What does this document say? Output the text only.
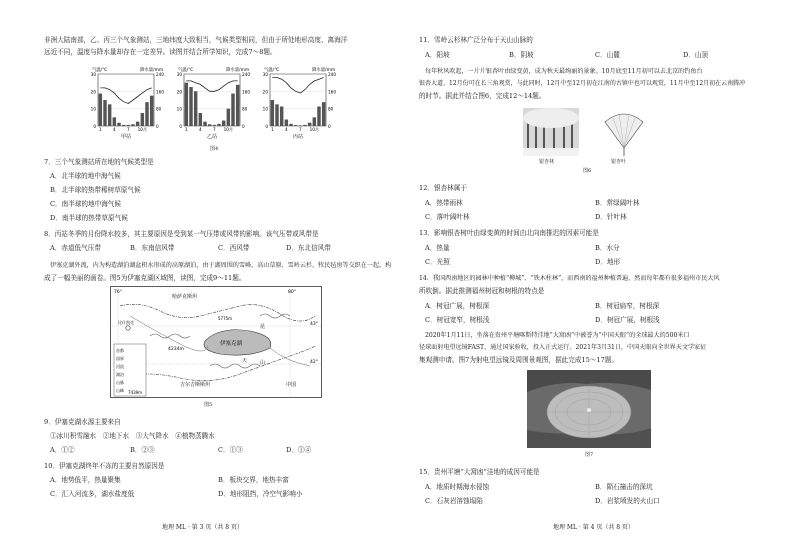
非洲大陆南部，乙、丙三个气象测站，三地纬度大致相当，气候类型相同，但由于所处地形高度、离海洋
远近不同，温度与降水量却存在一定差异。读图并结合所学知识，完成7～8题。
30
20
10
0
240
160
80
0
1	4	7 10月
气温/℃	降水量/mm
甲站
30
20
10
0
240
160
80
0
1	4	7 10月
气温/℃	降水量/mm
乙站
30
20
10
0
240
160
80
0
1	4	7 10月
气温/℃	降水量/mm
丙站
图4
7．三个气象测站所在地的气候类型是
A．北半球的地中海气候
B．北半球的热带稀树草原气候
C．南半球的地中海气候
D．南半球的热带草原气候
8．丙站冬季的月份降水较多，其主要原因是受到某一气压带或风带的影响。该气压带或风带是
A．赤道低气压带	B．东南信风带	C．西风带	D．东北信风带
伊塞克湖外流，内为构造湖泊湖盆积水形成的高原湖泊，由于湖周围的雪峰、高山草原、雪岭云杉、牧民毡房等交织在一起，构
成了一幅美丽的画卷。图5为伊塞克湖区域图，读图，完成9～11题。
哈萨克斯坦
伊塞克湖
昆
山
吉尔吉斯斯坦	中国
天
4234m
5775m
比什凯克
首都
国界
河流
湖泊
山脉
山峰 7439m
76°	80°
43°
42°
图5
9．伊塞克湖水源主要来自
①冰川积雪融水　②地下水　③大气降水　④植物蒸腾水
A．①②	B．②③	C．①③	D．①④
10．伊塞克湖终年不冻的主要自然原因是
A．地势低平，热量聚集	B．板块交界，地热丰富
C．汇入河流多，湖水盐度低	D．地形阻挡，冷空气影响小
地理 ML · 第 3 页（共 8 页）
11．雪岭云杉林广泛分布于天山山脉的
A．阳坡	B．阴坡	C．山麓	D．山顶
每年秋风吹起，一片片银杏叶由绿变黄，成为秋天最绚丽的景象。10月底至11月初可以去北京的钓鱼台
银杏大道、12月份可在长三角观赏，与此同时，12月中至12月初在江南的古镇中也可以观赏，11月中至12月初在云南腾冲
的时节。据此并结合图6，完成12～14题。
银杏林	银杏叶
图6
12．银杏林属于
A．热带雨林	B．常绿阔叶林
C．落叶阔叶林	D．针叶林
13．影响银杏树叶由绿变黄的时间由北向南推迟的因素可能是
A．热量	B．水分
C．光照	D．地形
14．我国西南地区的园林中种植“柳城”、“铁木柱林”，而西南的福州种植普遍，然而每年都有很多福州市民大风
所吹倒。据此推测福州树冠和树根的特点是
A．树冠广展，树根深	B．树冠扁窄，树根深
C．树冠宽窄，树根浅	D．树冠广展，树根浅
2020年1月11日，坐落在贵州平塘喀斯特洼地“大窝凼”中被誉为“中国天眼”的全球最大的500米口
径球面射电望远镜FAST，通过国家验收，投入正式运行。2021年3月31日，中国天眼向全世界天文学家征
集观测申请。图7为射电望远镜及周围景观图，据此完成15～17题。
图7
15．贵州平塘“大窝凼”洼地的成因可能是
A．地质时期海水侵蚀	B．陨石撞击的深坑
C．石灰岩溶蚀塌陷	D．岩浆喷发的火山口
地理 ML · 第 4 页（共 8 页）
